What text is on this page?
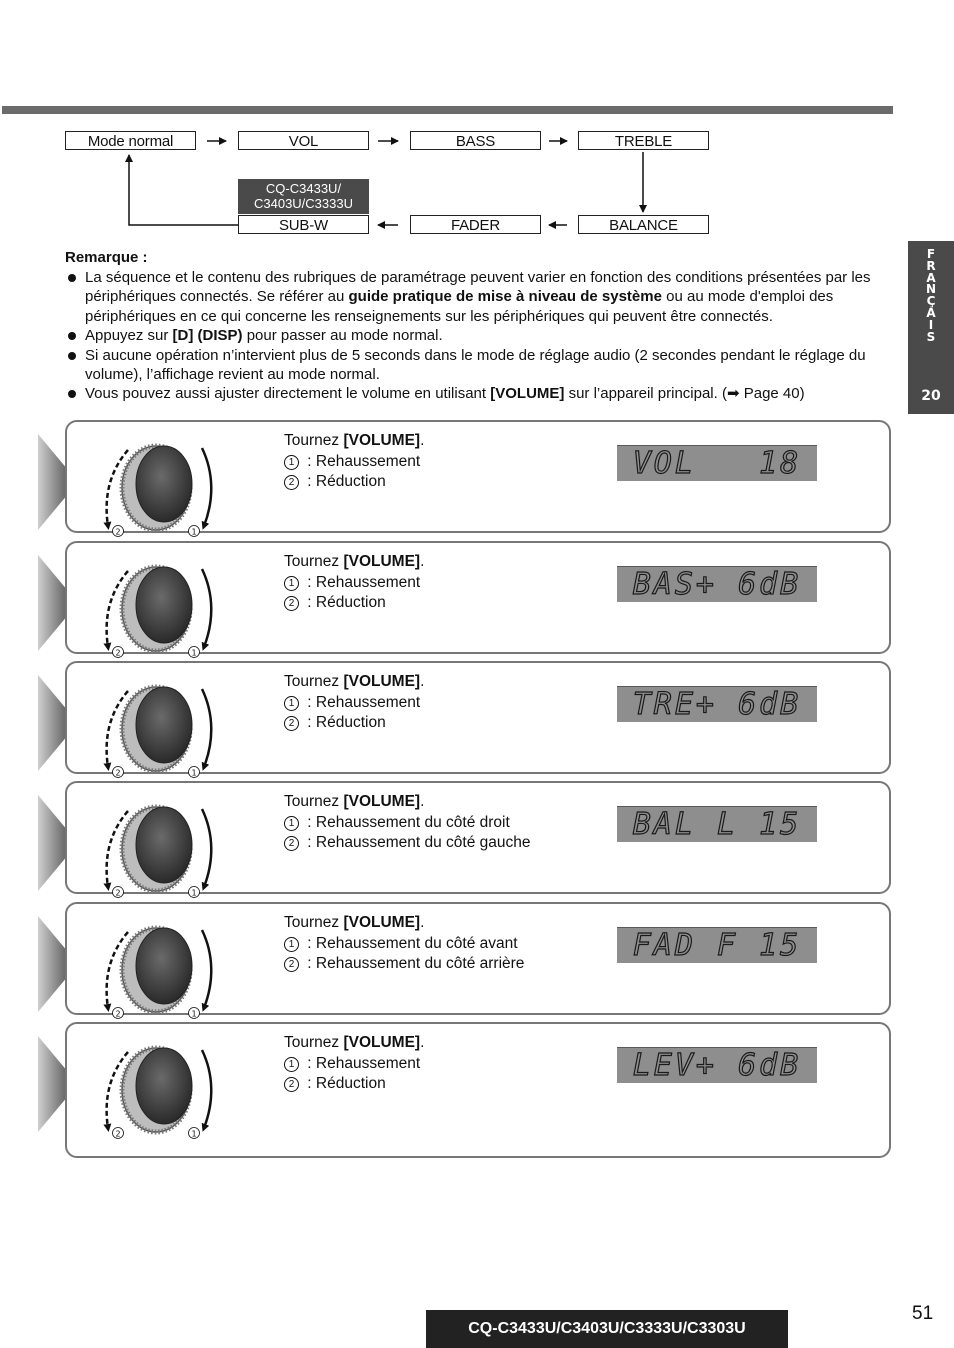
Mode normal	VOL	BASS	TREBLE
CQ-C3433U/
C3403U/C3333U
SUB-W	FADER	BALANCE
F
R
A
N
Ç
A
I
S
20
Remarque :
La séquence et le contenu des rubriques de paramétrage peuvent varier en fonction des conditions présentées par les périphériques connectés. Se référer au guide pratique de mise à niveau de système ou au mode d'emploi des périphériques en ce qui concerne les renseignements sur les périphériques qui peuvent être connectés.
Appuyez sur [D] (DISP) pour passer au mode normal.
Si aucune opération n’intervient plus de 5 seconds dans le mode de réglage audio (2 secondes pendant le réglage du volume), l’affichage revient au mode normal.
Vous pouvez aussi ajuster directement le volume en utilisant [VOLUME] sur l’appareil principal. (➡ Page 40)
2	1
Tournez [VOLUME].
1 : Rehaussement
2 : Réduction
VOL   18
2	1
Tournez [VOLUME].
1 : Rehaussement
2 : Réduction
BAS+ 6dB
2	1
Tournez [VOLUME].
1 : Rehaussement
2 : Réduction
TRE+ 6dB
2	1
Tournez [VOLUME].
1 : Rehaussement du côté droit
2 : Rehaussement du côté gauche
BAL L 15
2	1
Tournez [VOLUME].
1 : Rehaussement du côté avant
2 : Rehaussement du côté arrière
FAD F 15
2	1
Tournez [VOLUME].
1 : Rehaussement
2 : Réduction
LEV+ 6dB
CQ-C3433U/C3403U/C3333U/C3303U
51
